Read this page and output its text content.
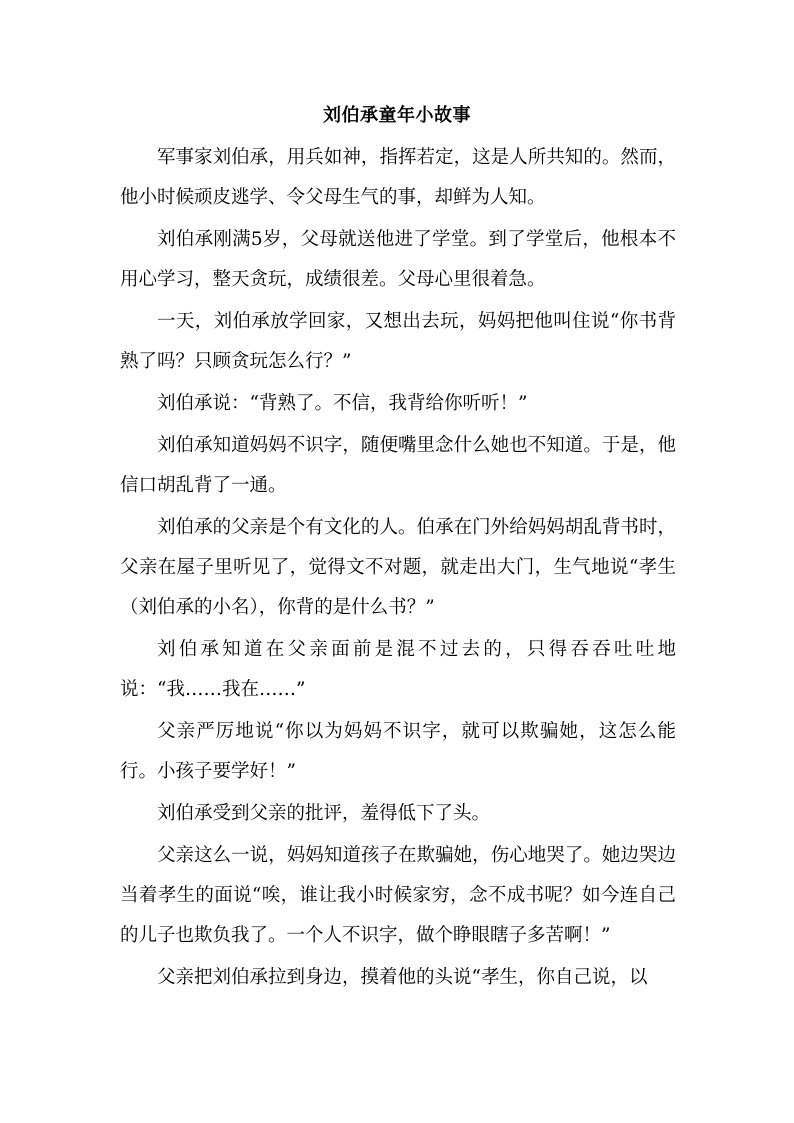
刘伯承童年小故事

军事家刘伯承，用兵如神，指挥若定，这是人所共知的。然而，他小时候顽皮逃学、令父母生气的事，却鲜为人知。

刘伯承刚满5岁，父母就送他进了学堂。到了学堂后，他根本不用心学习，整天贪玩，成绩很差。父母心里很着急。

一天，刘伯承放学回家，又想出去玩，妈妈把他叫住说“你书背熟了吗？只顾贪玩怎么行？”

刘伯承说：“背熟了。不信，我背给你听听！”

刘伯承知道妈妈不识字，随便嘴里念什么她也不知道。于是，他信口胡乱背了一通。

刘伯承的父亲是个有文化的人。伯承在门外给妈妈胡乱背书时，父亲在屋子里听见了，觉得文不对题，就走出大门，生气地说“孝生（刘伯承的小名），你背的是什么书？”

刘伯承知道在父亲面前是混不过去的，只得吞吞吐吐地说：“我……我在……”

父亲严厉地说“你以为妈妈不识字，就可以欺骗她，这怎么能行。小孩子要学好！”

刘伯承受到父亲的批评，羞得低下了头。

父亲这么一说，妈妈知道孩子在欺骗她，伤心地哭了。她边哭边当着孝生的面说“唉，谁让我小时候家穷，念不成书呢？如今连自己的儿子也欺负我了。一个人不识字，做个睁眼瞎子多苦啊！”

父亲把刘伯承拉到身边，摸着他的头说“孝生，你自己说，以
